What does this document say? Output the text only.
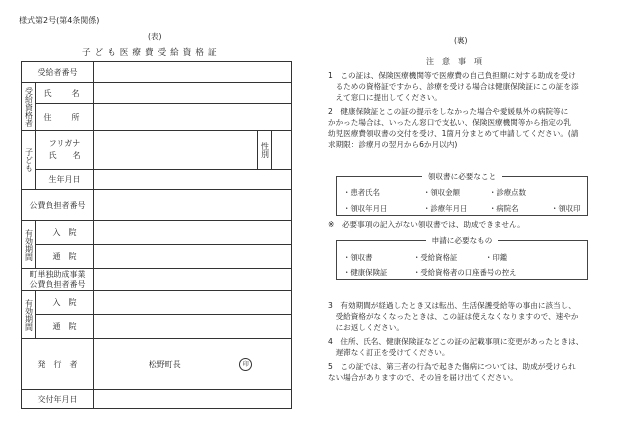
様式第2号(第4条関係)
(表)
子ども医療費受給資格証
受給者番号				

受給資格者	氏　名			
	住　所			

子ども	フリガナ
氏　　名		性別	

	生年月日			
公費負担者番号				

有効期間	入　院			
	通　院			

町単独助成事業
公費負担者番号				

有効期間	入　院			
	通　院			
発　行　者		松野町長 印		
交付年月日				
(裏)
注　意　事　項
1　この証は、保険医療機関等で医療費の自己負担額に対する助成を受け
　るための資格証ですから、診療を受ける場合は健康保険証にこの証を添
　えて窓口に提出してください。
2　健康保険証とこの証の提示をしなかった場合や愛媛県外の病院等に
かかった場合は、いったん窓口で支払い、保険医療機関等から指定の乳
幼児医療費領収書の交付を受け、1箇月分まとめて申請してください。(請
求期限：診療月の翌月から6か月以内)
領収書に必要なこと
・患者氏名	・領収金額	・診療点数
・領収年月日	・診療年月日	・病院名	・領収印
※　必要事項の記入がない領収書では、助成できません。
申請に必要なもの
・領収書	・受給資格証	・印鑑
・健康保険証	・受給資格者の口座番号の控え
3　有効期間が経過したとき又は転出、生活保護受給等の事由に該当し、
　受給資格がなくなったときは、この証は使えなくなりますので、速やか
　にお返しください。
4　住所、氏名、健康保険証などこの証の記載事項に変更があったときは、
　遅滞なく訂正を受けてください。
5　この証では、第三者の行為で起きた傷病については、助成が受けられ
ない場合がありますので、その旨を届け出てください。
